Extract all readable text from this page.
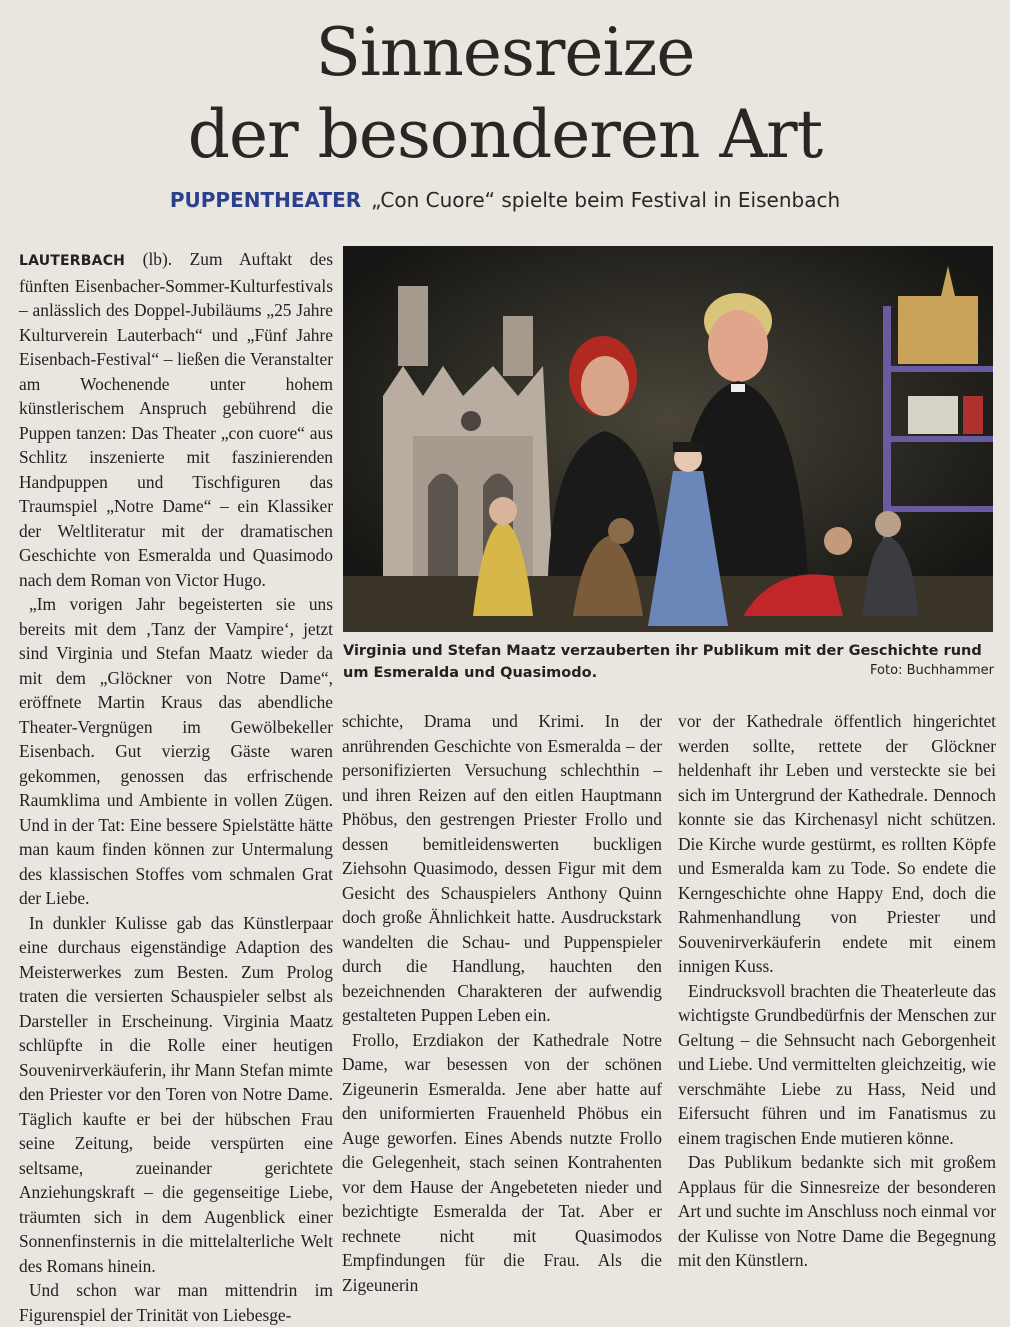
Sinnesreize
der besonderen Art
PUPPENTHEATER „Con Cuore“ spielte beim Festival in Eisenbach
Virginia und Stefan Maatz verzauberten ihr Publikum mit der Geschichte rund um Esmeralda und Quasimodo.	Foto: Buchhammer

LAUTERBACH (lb). Zum Auftakt des fünften Eisenbacher-Sommer-Kulturfestivals – anlässlich des Doppel-Jubiläums „25 Jahre Kulturverein Lauterbach“ und „Fünf Jahre Eisenbach-Festival“ – ließen die Veranstalter am Wochenende unter hohem künstlerischem Anspruch gebührend die Puppen tanzen: Das Theater „con cuore“ aus Schlitz inszenierte mit faszinierenden Handpuppen und Tischfiguren das Traumspiel „Notre Dame“ – ein Klassiker der Weltliteratur mit der dramatischen Geschichte von Esmeralda und Quasimodo nach dem Roman von Victor Hugo.

„Im vorigen Jahr begeisterten sie uns bereits mit dem ‚Tanz der Vampire‘, jetzt sind Virginia und Stefan Maatz wieder da mit dem „Glöckner von Notre Dame“, eröffnete Martin Kraus das abendliche Theater-Vergnügen im Gewölbekeller Eisenbach. Gut vierzig Gäste waren gekommen, genossen das erfrischende Raumklima und Ambiente in vollen Zügen. Und in der Tat: Eine bessere Spielstätte hätte man kaum finden können zur Untermalung des klassischen Stoffes vom schmalen Grat der Liebe.

In dunkler Kulisse gab das Künstlerpaar eine durchaus eigenständige Adaption des Meisterwerkes zum Besten. Zum Prolog traten die versierten Schauspieler selbst als Darsteller in Erscheinung. Virginia Maatz schlüpfte in die Rolle einer heutigen Souvenirverkäuferin, ihr Mann Stefan mimte den Priester vor den Toren von Notre Dame. Täglich kaufte er bei der hübschen Frau seine Zeitung, beide verspürten eine seltsame, zueinander gerichtete Anziehungskraft – die gegenseitige Liebe, träumten sich in dem Augenblick einer Sonnenfinsternis in die mittelalterliche Welt des Romans hinein.

Und schon war man mittendrin im Figurenspiel der Trinität von Liebesge-

schichte, Drama und Krimi. In der anrührenden Geschichte von Esmeralda – der personifizierten Versuchung schlechthin – und ihren Reizen auf den eitlen Hauptmann Phöbus, den gestrengen Priester Frollo und dessen bemitleidenswerten buckligen Ziehsohn Quasimodo, dessen Figur mit dem Gesicht des Schauspielers Anthony Quinn doch große Ähnlichkeit hatte. Ausdruckstark wandelten die Schau- und Puppenspieler durch die Handlung, hauchten den bezeichnenden Charakteren der aufwendig gestalteten Puppen Leben ein.

Frollo, Erzdiakon der Kathedrale Notre Dame, war besessen von der schönen Zigeunerin Esmeralda. Jene aber hatte auf den uniformierten Frauenheld Phöbus ein Auge geworfen. Eines Abends nutzte Frollo die Gelegenheit, stach seinen Kontrahenten vor dem Hause der Angebeteten nieder und bezichtigte Esmeralda der Tat. Aber er rechnete nicht mit Quasimodos Empfindungen für die Frau. Als die Zigeunerin

vor der Kathedrale öffentlich hingerichtet werden sollte, rettete der Glöckner heldenhaft ihr Leben und versteckte sie bei sich im Untergrund der Kathedrale. Dennoch konnte sie das Kirchenasyl nicht schützen. Die Kirche wurde gestürmt, es rollten Köpfe und Esmeralda kam zu Tode. So endete die Kerngeschichte ohne Happy End, doch die Rahmenhandlung von Priester und Souvenirverkäuferin endete mit einem innigen Kuss.

Eindrucksvoll brachten die Theaterleute das wichtigste Grundbedürfnis der Menschen zur Geltung – die Sehnsucht nach Geborgenheit und Liebe. Und vermittelten gleichzeitig, wie verschmähte Liebe zu Hass, Neid und Eifersucht führen und im Fanatismus zu einem tragischen Ende mutieren könne.

Das Publikum bedankte sich mit großem Applaus für die Sinnesreize der besonderen Art und suchte im Anschluss noch einmal vor der Kulisse von Notre Dame die Begegnung mit den Künstlern.
